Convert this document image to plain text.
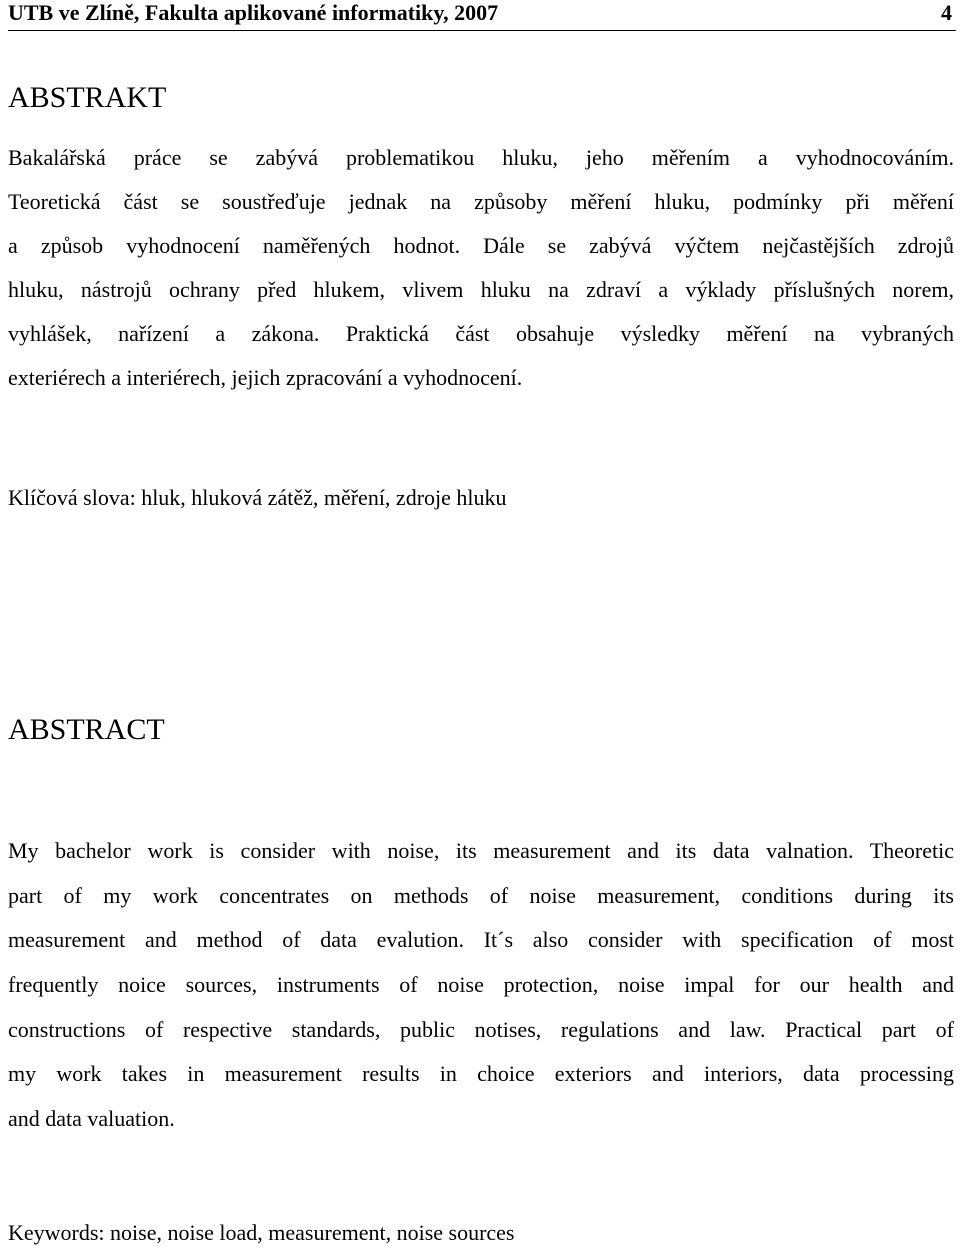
UTB ve Zlíně, Fakulta aplikované informatiky, 2007	4
ABSTRAKT
Bakalářská práce se zabývá problematikou hluku, jeho měřením a vyhodnocováním.
Teoretická část se soustřeďuje jednak na způsoby měření hluku, podmínky při měření
a způsob vyhodnocení naměřených hodnot. Dále se zabývá výčtem nejčastějších zdrojů
hluku, nástrojů ochrany před hlukem, vlivem hluku na zdraví a výklady příslušných norem,
vyhlášek, nařízení a zákona. Praktická část obsahuje výsledky měření na vybraných
exteriérech a interiérech, jejich zpracování a vyhodnocení.
Klíčová slova: hluk, hluková zátěž, měření, zdroje hluku
ABSTRACT
My bachelor work is consider with noise, its measurement and its data valnation. Theoretic
part of my work concentrates on methods of noise measurement, conditions during its
measurement and method of data evalution. It´s also consider with specification of most
frequently noice sources, instruments of noise protection, noise impal for our health and
constructions of respective standards, public notises, regulations and law. Practical part of
my work takes in measurement results in choice exteriors and interiors, data processing
and data valuation.
Keywords: noise, noise load, measurement, noise sources
